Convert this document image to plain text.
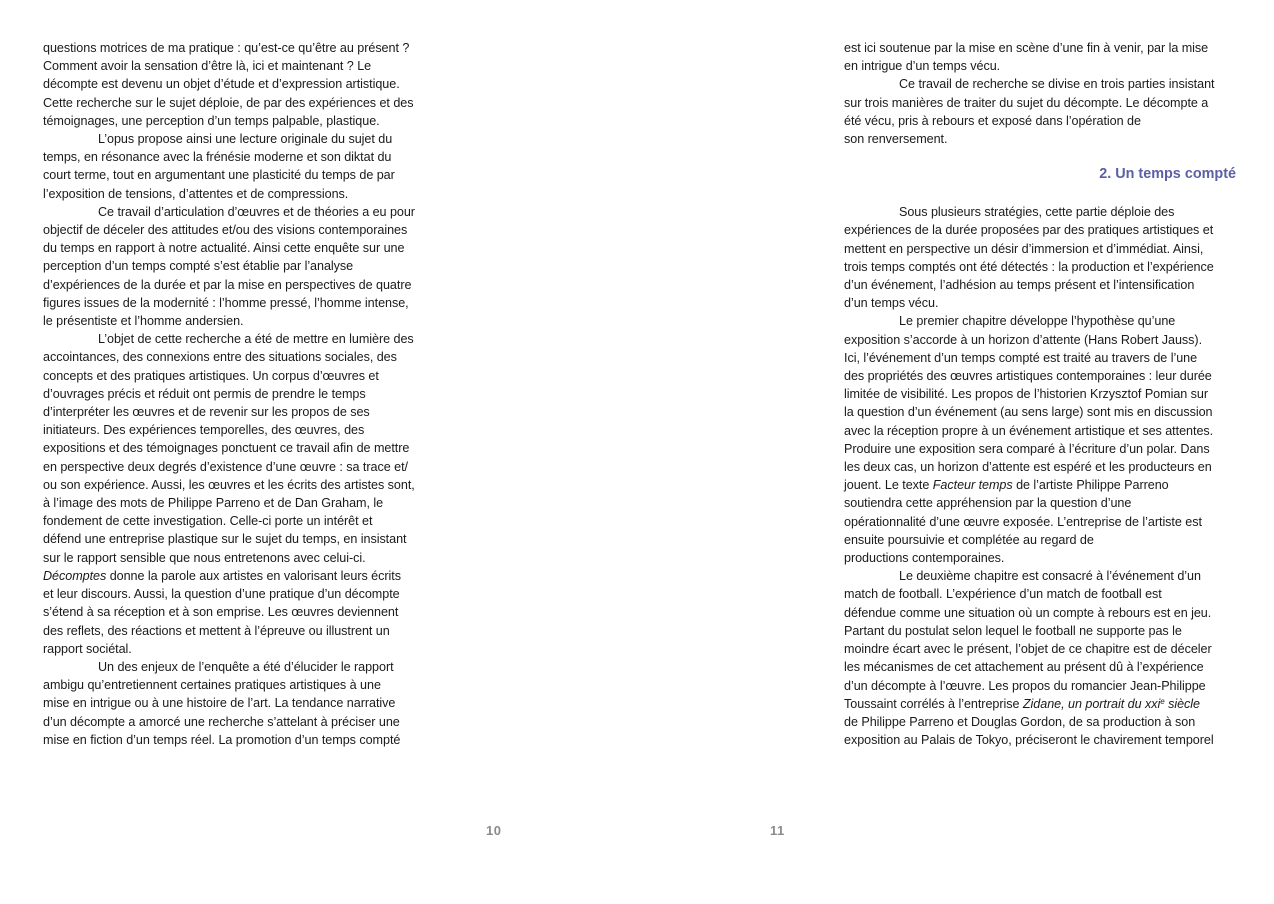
questions motrices de ma pratique : qu’est-ce qu’être au présent ?
Comment avoir la sensation d’être là, ici et maintenant ? Le
décompte est devenu un objet d’étude et d’expression artistique.
Cette recherche sur le sujet déploie, de par des expériences et des
témoignages, une perception d’un temps palpable, plastique.

L’opus propose ainsi une lecture originale du sujet du
temps, en résonance avec la frénésie moderne et son diktat du
court terme, tout en argumentant une plasticité du temps de par
l’exposition de tensions, d’attentes et de compressions.

Ce travail d’articulation d’œuvres et de théories a eu pour
objectif de déceler des attitudes et/ou des visions contemporaines
du temps en rapport à notre actualité. Ainsi cette enquête sur une
perception d’un temps compté s’est établie par l’analyse
d’expériences de la durée et par la mise en perspectives de quatre
figures issues de la modernité : l’homme pressé, l’homme intense,
le présentiste et l’homme andersien.

L’objet de cette recherche a été de mettre en lumière des
accointances, des connexions entre des situations sociales, des
concepts et des pratiques artistiques. Un corpus d’œuvres et
d’ouvrages précis et réduit ont permis de prendre le temps
d’interpréter les œuvres et de revenir sur les propos de ses
initiateurs. Des expériences temporelles, des œuvres, des
expositions et des témoignages ponctuent ce travail afin de mettre
en perspective deux degrés d’existence d’une œuvre : sa trace et/
ou son expérience. Aussi, les œuvres et les écrits des artistes sont,
à l’image des mots de Philippe Parreno et de Dan Graham, le
fondement de cette investigation. Celle-ci porte un intérêt et
défend une entreprise plastique sur le sujet du temps, en insistant
sur le rapport sensible que nous entretenons avec celui-ci.

Décomptes donne la parole aux artistes en valorisant leurs écrits
et leur discours. Aussi, la question d’une pratique d’un décompte
s’étend à sa réception et à son emprise. Les œuvres deviennent
des reflets, des réactions et mettent à l’épreuve ou illustrent un
rapport sociétal.

Un des enjeux de l’enquête a été d’élucider le rapport
ambigu qu’entretiennent certaines pratiques artistiques à une
mise en intrigue ou à une histoire de l’art. La tendance narrative
d’un décompte a amorcé une recherche s’attelant à préciser une
mise en fiction d’un temps réel. La promotion d’un temps compté

10

est ici soutenue par la mise en scène d’une fin à venir, par la mise
en intrigue d’un temps vécu.

Ce travail de recherche se divise en trois parties insistant
sur trois manières de traiter du sujet du décompte. Le décompte a
été vécu, pris à rebours et exposé dans l’opération de
son renversement.

2. Un temps compté

Sous plusieurs stratégies, cette partie déploie des
expériences de la durée proposées par des pratiques artistiques et
mettent en perspective un désir d’immersion et d’immédiat. Ainsi,
trois temps comptés ont été détectés : la production et l’expérience
d’un événement, l’adhésion au temps présent et l’intensification
d’un temps vécu.

Le premier chapitre développe l’hypothèse qu’une
exposition s’accorde à un horizon d’attente (Hans Robert Jauss).
Ici, l’événement d’un temps compté est traité au travers de l’une
des propriétés des œuvres artistiques contemporaines : leur durée
limitée de visibilité. Les propos de l’historien Krzysztof Pomian sur
la question d’un événement (au sens large) sont mis en discussion
avec la réception propre à un événement artistique et ses attentes.
Produire une exposition sera comparé à l’écriture d’un polar. Dans
les deux cas, un horizon d’attente est espéré et les producteurs en
jouent. Le texte Facteur temps de l’artiste Philippe Parreno
soutiendra cette appréhension par la question d’une
opérationnalité d’une œuvre exposée. L’entreprise de l’artiste est
ensuite poursuivie et complétée au regard de
productions contemporaines.

Le deuxième chapitre est consacré à l’événement d’un
match de football. L’expérience d’un match de football est
défendue comme une situation où un compte à rebours est en jeu.
Partant du postulat selon lequel le football ne supporte pas le
moindre écart avec le présent, l’objet de ce chapitre est de déceler
les mécanismes de cet attachement au présent dû à l’expérience
d’un décompte à l’œuvre. Les propos du romancier Jean-Philippe
Toussaint corrélés à l’entreprise Zidane, un portrait du xxi$^e$ siècle
de Philippe Parreno et Douglas Gordon, de sa production à son
exposition au Palais de Tokyo, préciseront le chavirement temporel

11
